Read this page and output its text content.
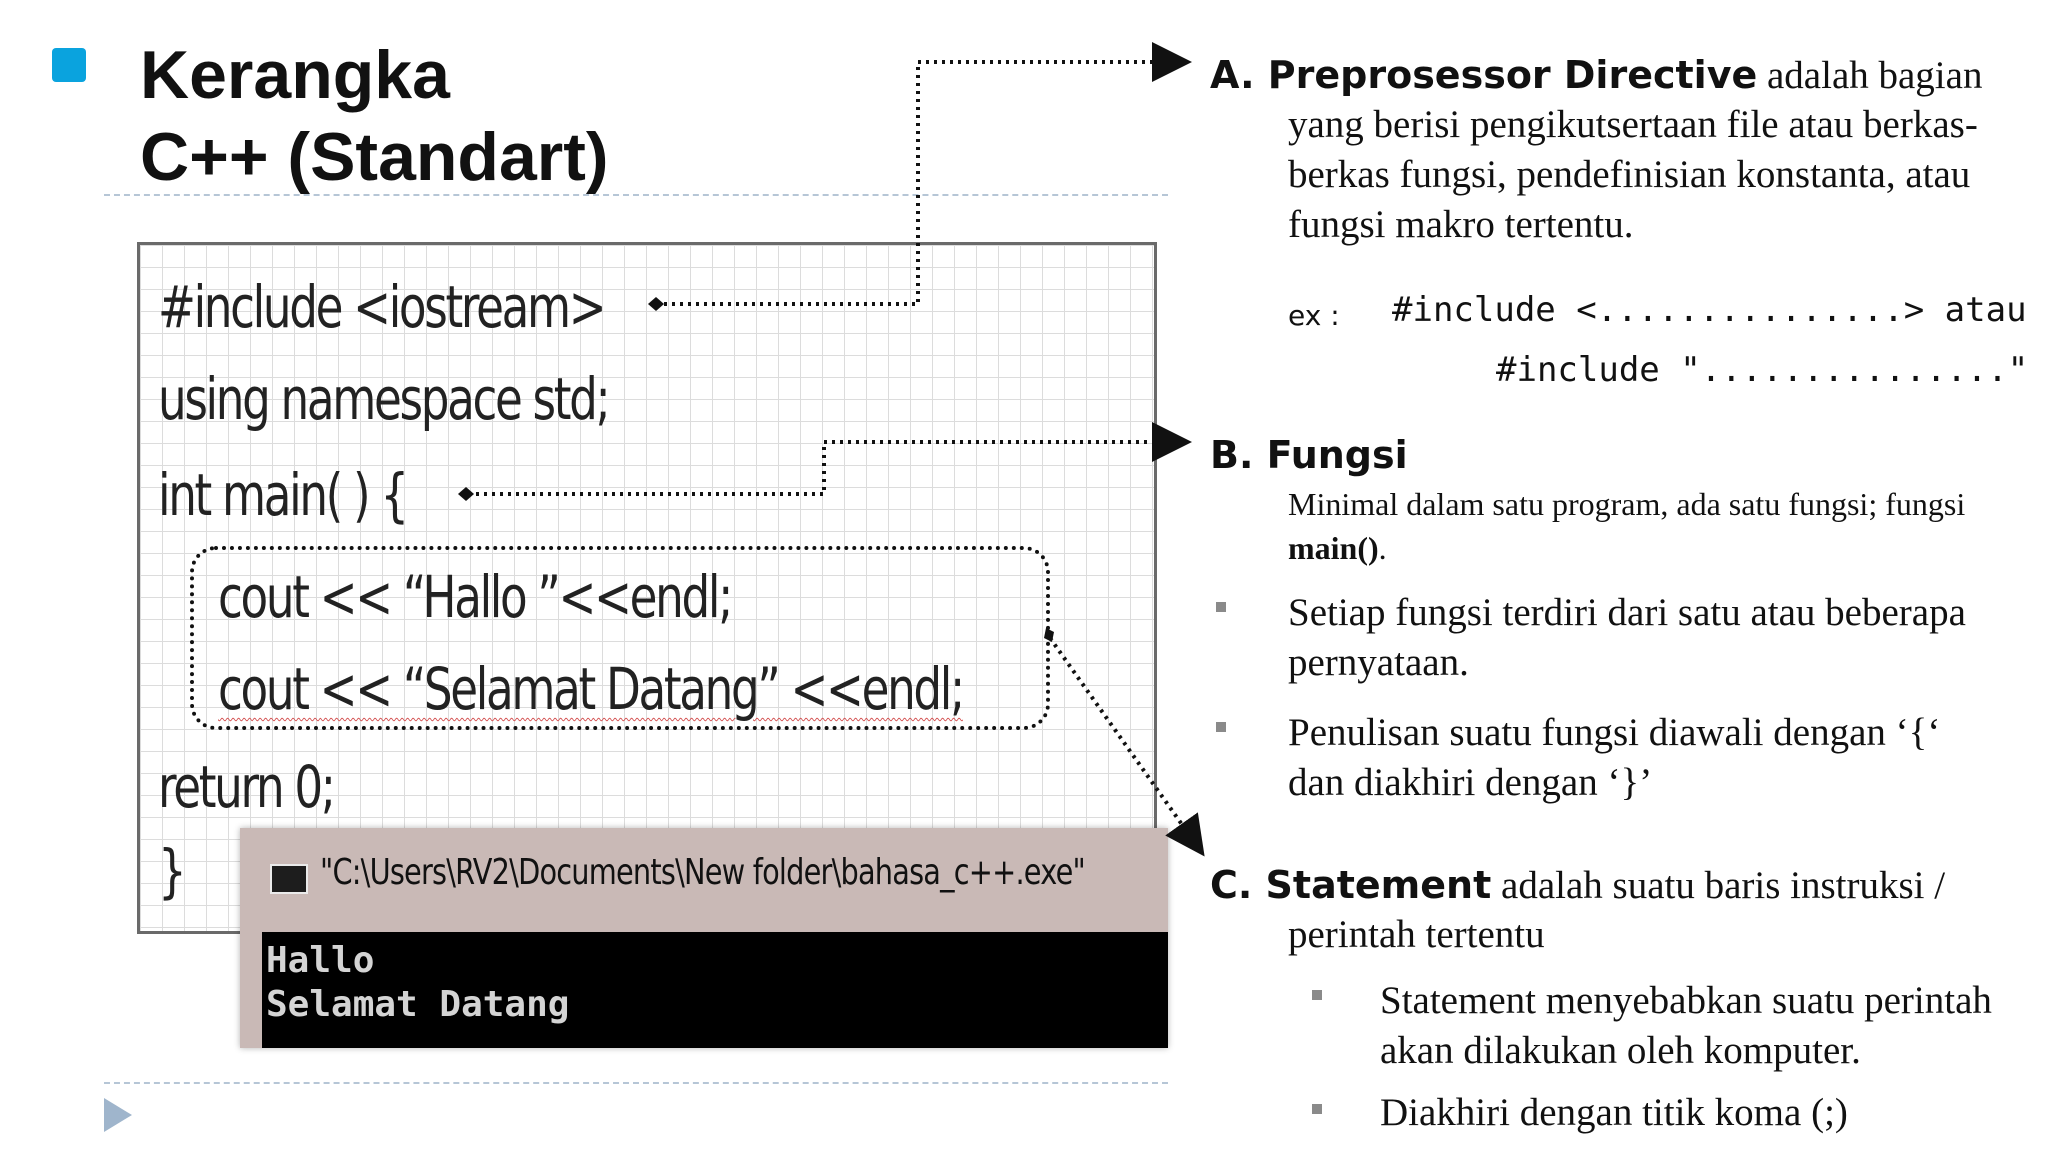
Kerangka
C++ (Standart)
#include <iostream>
using namespace std;
int main( ) {
cout << “Hallo ”<<endl;
cout << “Selamat Datang” <<endl;
return 0;
}	"C:\Users\RV2\Documents\New folder\bahasa_c++.exe"
Hallo
Selamat Datang
A. Preprosessor Directive adalah bagian
yang berisi pengikutsertaan file atau berkas-
berkas fungsi, pendefinisian konstanta, atau
fungsi makro tertentu.
ex : #include <...............> atau
#include "..............."
B. Fungsi
Minimal dalam satu program, ada satu fungsi; fungsi
main().
Setiap fungsi terdiri dari satu atau beberapa
pernyataan.
Penulisan suatu fungsi diawali dengan ‘{‘
dan diakhiri dengan ‘}’
C. Statement adalah suatu baris instruksi /
perintah tertentu
Statement menyebabkan suatu perintah
akan dilakukan oleh komputer.
Diakhiri dengan titik koma (;)
